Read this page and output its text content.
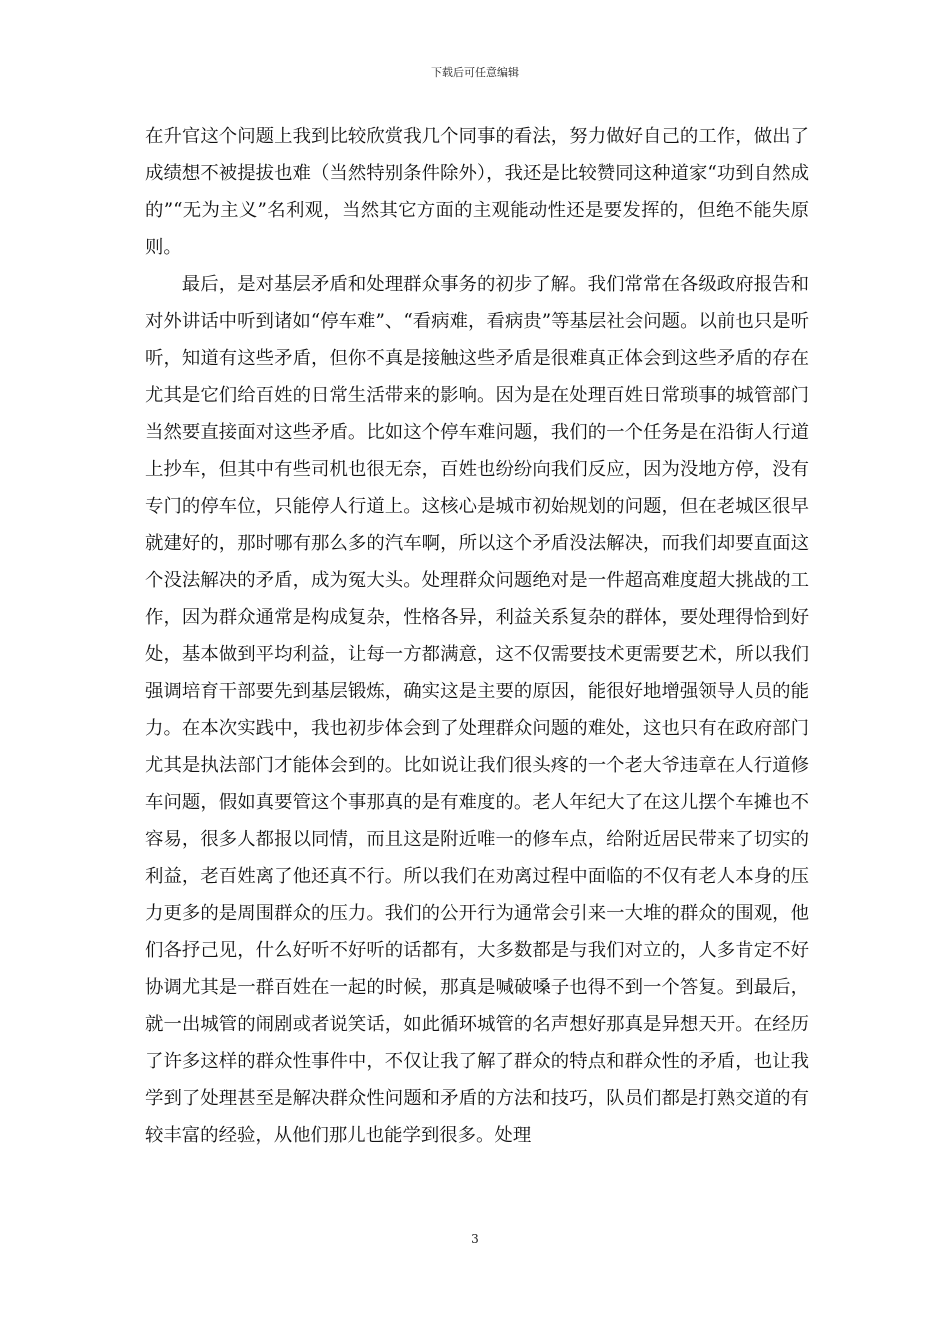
下载后可任意编辑

在升官这个问题上我到比较欣赏我几个同事的看法，努力做好自己的工作，做出了成绩想不被提拔也难（当然特别条件除外），我还是比较赞同这种道家“功到自然成的”“无为主义”名利观，当然其它方面的主观能动性还是要发挥的，但绝不能失原则。

最后，是对基层矛盾和处理群众事务的初步了解。我们常常在各级政府报告和对外讲话中听到诸如“停车难”、“看病难，看病贵”等基层社会问题。以前也只是听听，知道有这些矛盾，但你不真是接触这些矛盾是很难真正体会到这些矛盾的存在尤其是它们给百姓的日常生活带来的影响。因为是在处理百姓日常琐事的城管部门当然要直接面对这些矛盾。比如这个停车难问题，我们的一个任务是在沿街人行道上抄车，但其中有些司机也很无奈，百姓也纷纷向我们反应，因为没地方停，没有专门的停车位，只能停人行道上。这核心是城市初始规划的问题，但在老城区很早就建好的，那时哪有那么多的汽车啊，所以这个矛盾没法解决，而我们却要直面这个没法解决的矛盾，成为冤大头。处理群众问题绝对是一件超高难度超大挑战的工作，因为群众通常是构成复杂，性格各异，利益关系复杂的群体，要处理得恰到好处，基本做到平均利益，让每一方都满意，这不仅需要技术更需要艺术，所以我们强调培育干部要先到基层锻炼，确实这是主要的原因，能很好地增强领导人员的能力。在本次实践中，我也初步体会到了处理群众问题的难处，这也只有在政府部门尤其是执法部门才能体会到的。比如说让我们很头疼的一个老大爷违章在人行道修车问题，假如真要管这个事那真的是有难度的。老人年纪大了在这儿摆个车摊也不容易，很多人都报以同情，而且这是附近唯一的修车点，给附近居民带来了切实的利益，老百姓离了他还真不行。所以我们在劝离过程中面临的不仅有老人本身的压力更多的是周围群众的压力。我们的公开行为通常会引来一大堆的群众的围观，他们各抒己见，什么好听不好听的话都有，大多数都是与我们对立的，人多肯定不好协调尤其是一群百姓在一起的时候，那真是喊破嗓子也得不到一个答复。到最后，就一出城管的闹剧或者说笑话，如此循环城管的名声想好那真是异想天开。在经历了许多这样的群众性事件中，不仅让我了解了群众的特点和群众性的矛盾，也让我学到了处理甚至是解决群众性问题和矛盾的方法和技巧，队员们都是打熟交道的有较丰富的经验，从他们那儿也能学到很多。处理

3
